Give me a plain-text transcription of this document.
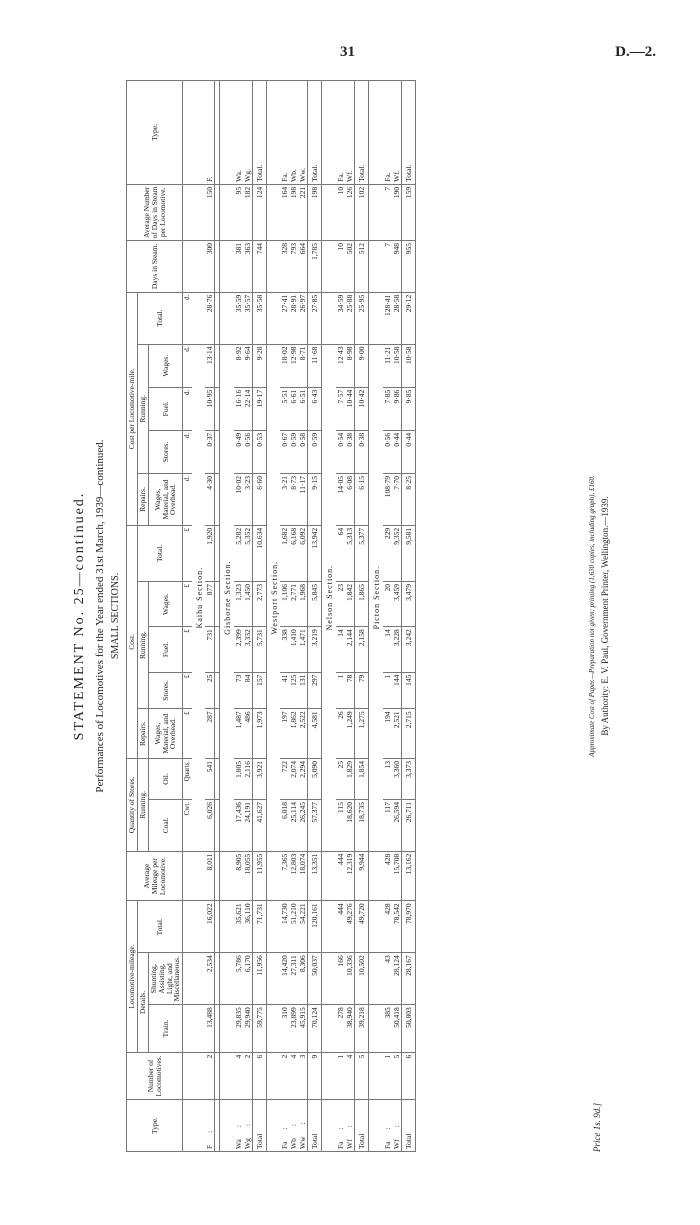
31	D.—2.
STATEMENT No. 25—continued. Performances of Locomotives for the Year ended 31st March, 1939—continued. SMALL SECTIONS.
Type.	Number of Locomotives.	Locomotive-mileage.			Average Mileage per Locomotive.	Quantity of Stores.		Cost.					Cost per Locomotive-mile.					Days in Steam.	Average Number of Days in Steam per Locomotive.	Type.
		Details.		Total.		Running.		Repairs.	Running.			Total.	Repairs.	Running.			Total.			
		Train.	Shunting, Assisting, Light, and Miscellaneous.			Coal.	Oil.	Wages, Material, and Overhead.	Stores.	Fuel.	Wages.		Wages, Material, and Overhead.	Stores.	Fuel.	Wages.				
						Cwt.	Quarts.	£	£	£	£	£	d.	d.	d.	d.	d.			
						Kaihu Section.														
F:	2	13,488	2,534	16,022	8,011	6,026	541	287	25	731	877	1,920	4·30	0·37	10·95	13·14	28·76	300	150	F.

						Gisborne Section.														
Wa:	4	29,835	5,786	35,621	8,905	17,436	1,805	1,487	73	2,399	1,323	5,282	10·02	0·49	16·16	8·92	35·59	381	95	Wa.
Wg:	2	29,940	6,170	36,110	18,055	24,191	2,116	486	84	3,332	1,450	5,352	3·23	0·56	22·14	9·64	35·57	363	182	Wg.
Total	6	59,775	11,956	71,731	11,955	41,627	3,921	1,973	157	5,731	2,773	10,634	6·60	0·53	19·17	9·28	35·58	744	124	Total.
						Westport Section.														
Fa:	2	310	14,420	14,730	7,365	6,018	722	197	41	338	1,106	1,682	3·21	0·67	5·51	18·02	27·41	328	164	Fa.
Wb:	4	23,899	27,311	51,210	12,803	25,114	2,074	1,862	125	1,410	2,771	6,168	8·73	0·59	6·61	12·98	28·91	793	198	Wb.
Ww:	3	45,915	8,306	54,221	18,074	26,245	2,294	2,522	131	1,471	1,968	6,092	11·17	0·58	6·51	8·71	26·97	664	221	Ww.
Total	9	70,124	50,037	120,161	13,351	57,377	5,090	4,581	297	3,219	5,845	13,942	9·15	0·59	6·43	11·68	27·85	1,785	198	Total.
						Nelson Section.														
Fa:	1	278	166	444	444	115	25	26	1	14	23	64	14·05	0·54	7·57	12·43	34·59	10	10	Fa.
Wf:	4	38,940	10,336	49,276	12,319	18,620	1,829	1,249	78	2,144	1,842	5,313	6·08	0·38	10·44	8·98	25·88	502	126	Wf.
Total	5	39,218	10,502	49,720	9,944	18,735	1,854	1,275	79	2,158	1,865	5,377	6·15	0·38	10·42	9·00	25·95	512	102	Total.
						Picton Section.														
Fa:	1	385	43	428	428	117	13	194	1	14	20	229	108·79	0·56	7·85	11·21	128·41	7	7	Fa.
Wf:	5	50,418	28,124	78,542	15,708	26,594	3,360	2,521	144	3,228	3,459	9,352	7·70	0·44	9·86	10·58	28·58	948	190	Wf.
Total	6	50,803	28,167	78,970	13,162	26,711	3,373	2,715	145	3,242	3,479	9,581	8·25	0·44	9·85	10·58	29·12	955	159	Total.
Approximate Cost of Paper.—Preparation not given; printing (1,630 copies, including graph), £160. By Authority: E. V. Paul, Government Printer, Wellington.—1939.
Price 1s. 9d.]
